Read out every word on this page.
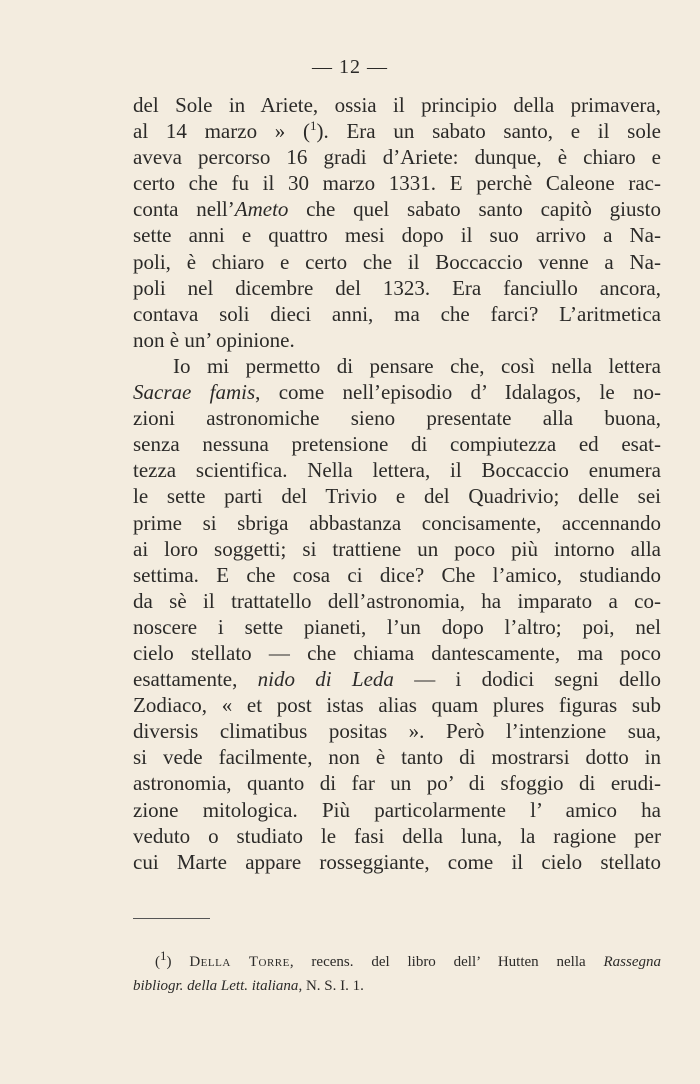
— 12 —
del Sole in Ariete, ossia il principio della primavera,
al 14 marzo » ($^1$). Era un sabato santo, e il sole
aveva percorso 16 gradi d’Ariete: dunque, è chiaro e
certo che fu il 30 marzo 1331. E perchè Caleone rac-
conta nell’Ameto che quel sabato santo capitò giusto
sette anni e quattro mesi dopo il suo arrivo a Na-
poli, è chiaro e certo che il Boccaccio venne a Na-
poli nel dicembre del 1323. Era fanciullo ancora,
contava soli dieci anni, ma che farci? L’aritmetica
non è un’ opinione.
Io mi permetto di pensare che, così nella lettera
Sacrae famis, come nell’episodio d’ Idalagos, le no-
zioni astronomiche sieno presentate alla buona,
senza nessuna pretensione di compiutezza ed esat-
tezza scientifica. Nella lettera, il Boccaccio enumera
le sette parti del Trivio e del Quadrivio; delle sei
prime si sbriga abbastanza concisamente, accennando
ai loro soggetti; si trattiene un poco più intorno alla
settima. E che cosa ci dice? Che l’amico, studiando
da sè il trattatello dell’astronomia, ha imparato a co-
noscere i sette pianeti, l’un dopo l’altro; poi, nel
cielo stellato — che chiama dantescamente, ma poco
esattamente, nido di Leda — i dodici segni dello
Zodiaco, « et post istas alias quam plures figuras sub
diversis climatibus positas ». Però l’intenzione sua,
si vede facilmente, non è tanto di mostrarsi dotto in
astronomia, quanto di far un po’ di sfoggio di erudi-
zione mitologica. Più particolarmente l’ amico ha
veduto o studiato le fasi della luna, la ragione per
cui Marte appare rosseggiante, come il cielo stellato
(1) Della Torre, recens. del libro dell’ Hutten nella Rassegna
bibliogr. della Lett. italiana, N. S. I. 1.
